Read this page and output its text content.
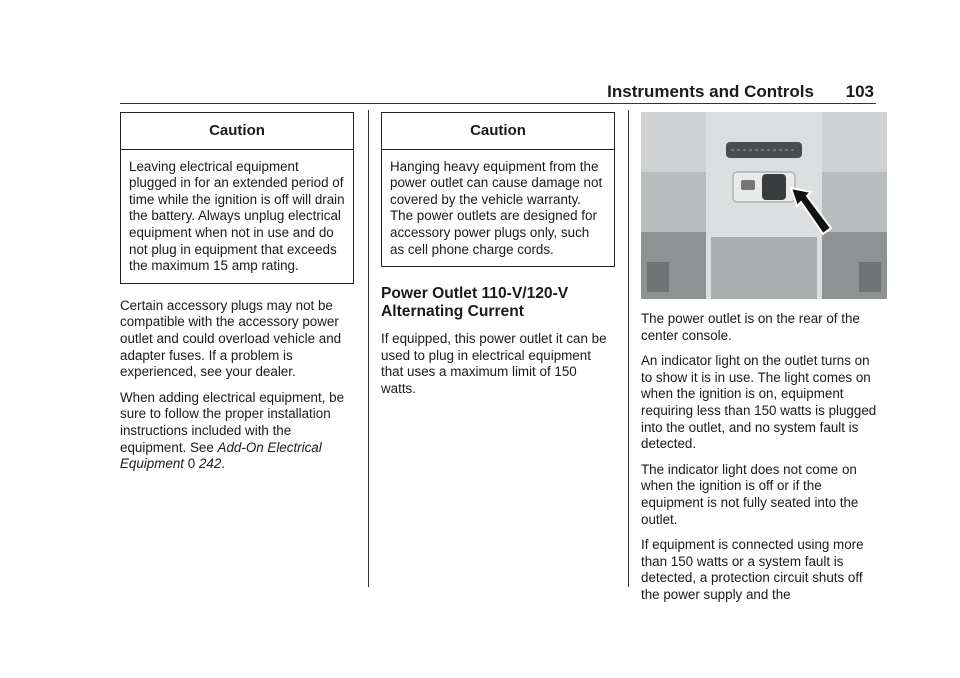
Instruments and Controls 103
Caution
Leaving electrical equipment plugged in for an extended period of time while the ignition is off will drain the battery. Always unplug electrical equipment when not in use and do not plug in equipment that exceeds the maximum 15 amp rating.

Certain accessory plugs may not be compatible with the accessory power outlet and could overload vehicle and adapter fuses. If a problem is experienced, see your dealer.

When adding electrical equipment, be sure to follow the proper installation instructions included with the equipment. See Add-On Electrical Equipment 0 242.

Caution
Hanging heavy equipment from the power outlet can cause damage not covered by the vehicle warranty. The power outlets are designed for accessory power plugs only, such as cell phone charge cords.
Power Outlet 110-V/120-V Alternating Current

If equipped, this power outlet it can be used to plug in electrical equipment that uses a maximum limit of 150 watts.

The power outlet is on the rear of the center console.

An indicator light on the outlet turns on to show it is in use. The light comes on when the ignition is on, equipment requiring less than 150 watts is plugged into the outlet, and no system fault is detected.

The indicator light does not come on when the ignition is off or if the equipment is not fully seated into the outlet.

If equipment is connected using more than 150 watts or a system fault is detected, a protection circuit shuts off the power supply and the
